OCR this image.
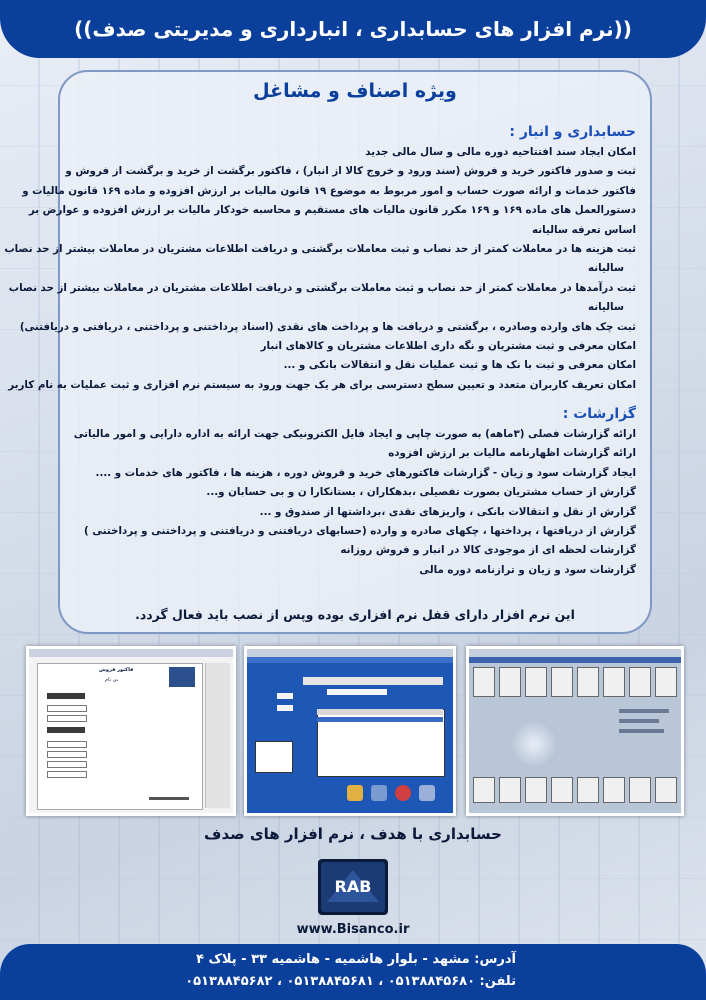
((نرم افزار های حسابداری ، انبارداری و مدیریتی صدف))
ویژه اصناف و مشاغل
حسابداری و انبار :
امکان ایجاد سند افتتاحیه دوره مالی و سال مالی جدید
ثبت و صدور فاکتور خرید و فروش (سند ورود و خروج کالا از انبار) ، فاکتور برگشت از خرید و برگشت از فروش و
فاکتور خدمات و ارائه صورت حساب و امور مربوط به موضوع ۱۹ قانون مالیات بر ارزش افزوده و ماده ۱۶۹ قانون مالیات و
دستورالعمل های ماده ۱۶۹ و ۱۶۹ مکرر قانون مالیات های مستقیم و محاسبه خودکار مالیات بر ارزش افزوده و عوارض بر
اساس تعرفه سالیانه
ثبت هزینه ها در معاملات کمتر از حد نصاب و ثبت معاملات برگشتی و دریافت اطلاعات مشتریان در معاملات بیشتر از حد نصاب
سالیانه
ثبت درآمدها در معاملات کمتر از حد نصاب و ثبت معاملات برگشتی و دریافت اطلاعات مشتریان در معاملات بیشتر از حد نصاب
سالیانه
ثبت چک های وارده وصادره ، برگشتی و دریافت ها و پرداخت های نقدی (اسناد پرداختنی و پرداختنی ، دریافتی و دریافتنی)
امکان معرفی و ثبت مشتریان و نگه داری اطلاعات مشتریان و کالاهای انبار
امکان معرفی و ثبت با نک ها و ثبت عملیات نقل و انتقالات بانکی و ...
امکان تعریف کاربران متعدد و تعیین سطح دسترسی برای هر یک جهت ورود به سیستم نرم افزاری و ثبت عملیات به نام کاربر
گزارشات :
ارائه گزارشات فصلی (۳ماهه) به صورت چاپی و ایجاد فایل الکترونیکی جهت ارائه به اداره دارایی و امور مالیاتی
ارائه گزارشات اظهارنامه مالیات بر ارزش افزوده
ایجاد گزارشات سود و زیان - گزارشات فاکتورهای خرید و فروش دوره ، هزینه ها ، فاکتور های خدمات و ....
گزارش از حساب مشتریان بصورت تفصیلی ،بدهکاران ، بستانکارا ن و بی حسابان و...
گزارش از نقل و انتقالات بانکی ، واریزهای نقدی ،برداشتها از صندوق و ...
گزارش از دریافتها ، پرداختها ، چکهای صادره و وارده (حسابهای دریافتنی و دریافتنی و پرداختنی و پرداختنی )
گزارشات لحظه ای از موجودی کالا در انبار و فروش روزانه
گزارشات سود و زیان و ترازنامه دوره مالی
این نرم افزار دارای قفل نرم افزاری بوده وپس از نصب باید فعال گردد.
فاکتور فروش
بی نام
حسابداری با هدف ، نرم افزار های صدف
RAB
www.Bisanco.ir
آدرس: مشهد - بلوار هاشمیه - هاشمیه ۳۳ - پلاک ۴
تلفن: ۰۵۱۳۸۸۴۵۶۸۰ ، ۰۵۱۳۸۸۴۵۶۸۱ ، ۰۵۱۳۸۸۴۵۶۸۲
